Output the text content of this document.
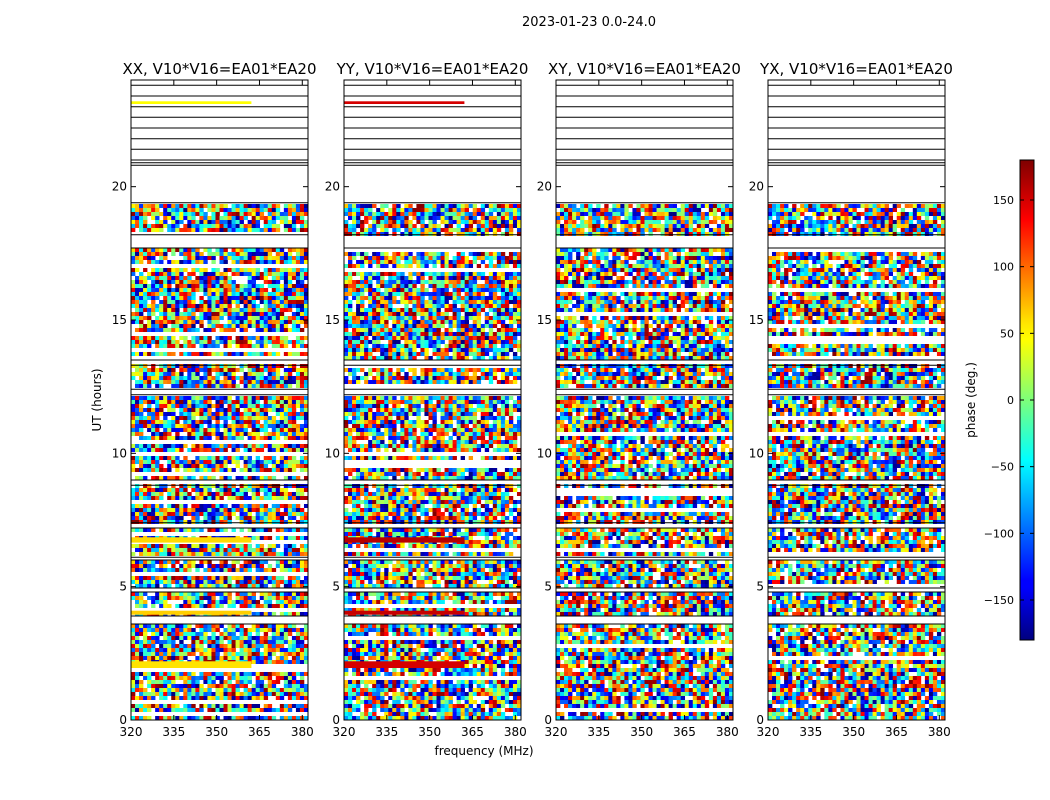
2023-01-23 0.0-24.0
XX, V10*V16=EA01*EA20
320 335 350 365 380
0
5
10
15
20
YY, V10*V16=EA01*EA20
320 335 350 365 380
0
5
10
15
20
XY, V10*V16=EA01*EA20
320 335 350 365 380
0
5
10
15
20
YX, V10*V16=EA01*EA20
320 335 350 365 380
0
5
10
15
20
frequency (MHz)
UT (hours)
150
100
50
0
−50
−100
−150
phase (deg.)
